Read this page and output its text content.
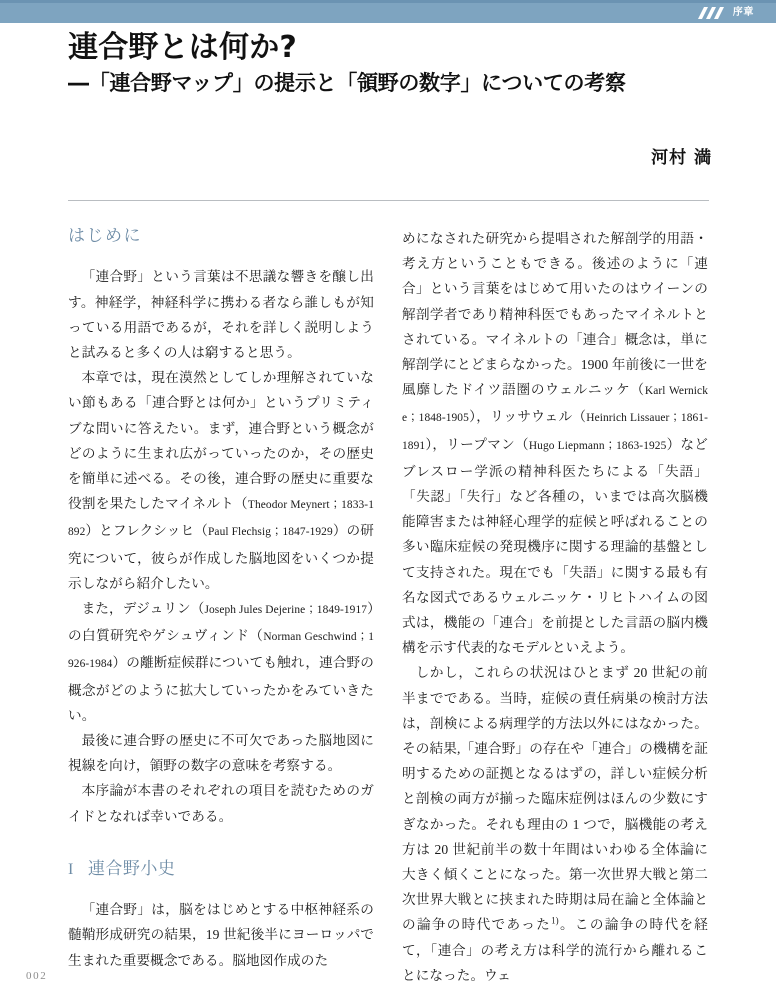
序章
連合野とは何か?
―「連合野マップ」の提示と「領野の数字」についての考察
河村 満
はじめに

「連合野」という言葉は不思議な響きを醸し出す。神経学，神経科学に携わる者なら誰しもが知っている用語であるが，それを詳しく説明しようと試みると多くの人は窮すると思う。

本章では，現在漠然としてしか理解されていない節もある「連合野とは何か」というプリミティブな問いに答えたい。まず，連合野という概念がどのように生まれ広がっていったのか，その歴史を簡単に述べる。その後，連合野の歴史に重要な役割を果たしたマイネルト（Theodor Meynert；1833-1892）とフレクシッヒ（Paul Flechsig；1847-1929）の研究について，彼らが作成した脳地図をいくつか提示しながら紹介したい。

また，デジュリン（Joseph Jules Dejerine；1849-1917）の白質研究やゲシュヴィンド（Norman Geschwind；1926-1984）の離断症候群についても触れ，連合野の概念がどのように拡大していったかをみていきたい。

最後に連合野の歴史に不可欠であった脳地図に視線を向け，領野の数字の意味を考察する。

本序論が本書のそれぞれの項目を読むためのガイドとなれば幸いである。

I 連合野小史

「連合野」は，脳をはじめとする中枢神経系の髄鞘形成研究の結果，19 世紀後半にヨーロッパで生まれた重要概念である。脳地図作成のた

めになされた研究から提唱された解剖学的用語・考え方ということもできる。後述のように「連合」という言葉をはじめて用いたのはウイーンの解剖学者であり精神科医でもあったマイネルトとされている。マイネルトの「連合」概念は，単に解剖学にとどまらなかった。1900 年前後に一世を風靡したドイツ語圏のウェルニッケ（Karl Wernicke；1848-1905），リッサウェル（Heinrich Lissauer；1861-1891），リープマン（Hugo Liepmann；1863-1925）などブレスロー学派の精神科医たちによる「失語」「失認」「失行」など各種の，いまでは高次脳機能障害または神経心理学的症候と呼ばれることの多い臨床症候の発現機序に関する理論的基盤として支持された。現在でも「失語」に関する最も有名な図式であるウェルニッケ・リヒトハイムの図式は，機能の「連合」を前提とした言語の脳内機構を示す代表的なモデルといえよう。

しかし，これらの状況はひとまず 20 世紀の前半までである。当時，症候の責任病巣の検討方法は，剖検による病理学的方法以外にはなかった。その結果,「連合野」の存在や「連合」の機構を証明するための証拠となるはずの，詳しい症候分析と剖検の両方が揃った臨床症例はほんの少数にすぎなかった。それも理由の 1 つで，脳機能の考え方は 20 世紀前半の数十年間はいわゆる全体論に大きく傾くことになった。第一次世界大戦と第二次世界大戦とに挟まれた時期は局在論と全体論との論争の時代であった$^{1)}$。この論争の時代を経て，「連合」の考え方は科学的流行から離れることになった。ウェ

002
